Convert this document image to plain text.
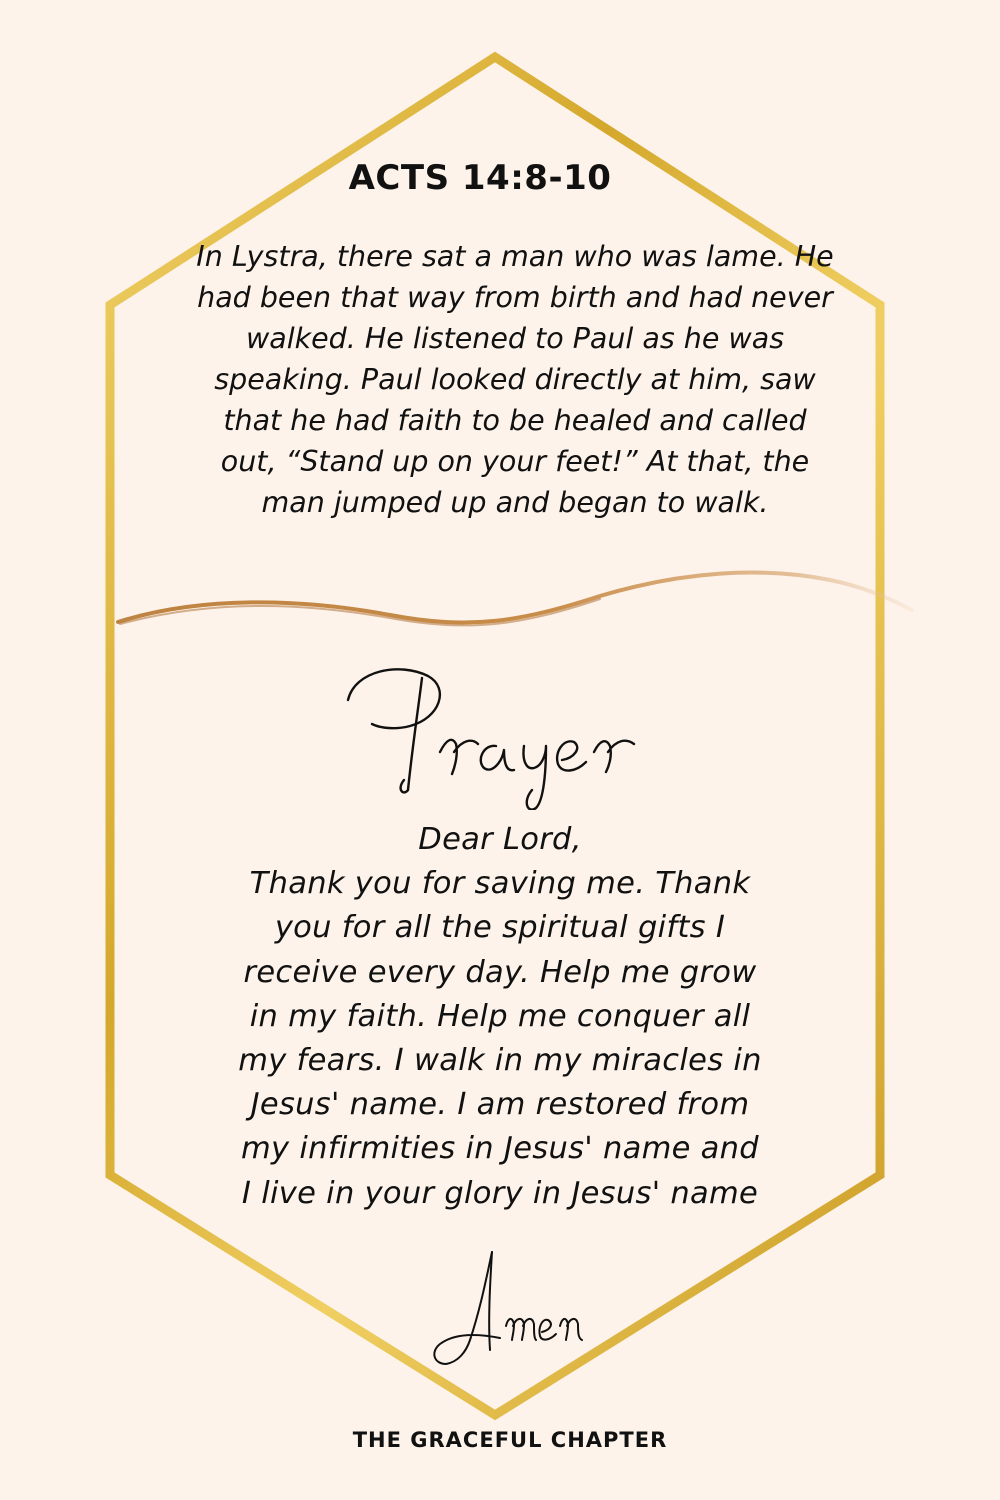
ACTS 14:8-10
In Lystra, there sat a man who was lame. He had been that way from birth and had never walked. He listened to Paul as he was speaking. Paul looked directly at him, saw that he had faith to be healed and called out, “Stand up on your feet!” At that, the man jumped up and began to walk.
Dear Lord,
Thank you for saving me. Thank
you for all the spiritual gifts I
receive every day. Help me grow
in my faith. Help me conquer all
my fears. I walk in my miracles in
Jesus' name. I am restored from
my infirmities in Jesus' name and
I live in your glory in Jesus' name
THE GRACEFUL CHAPTER
